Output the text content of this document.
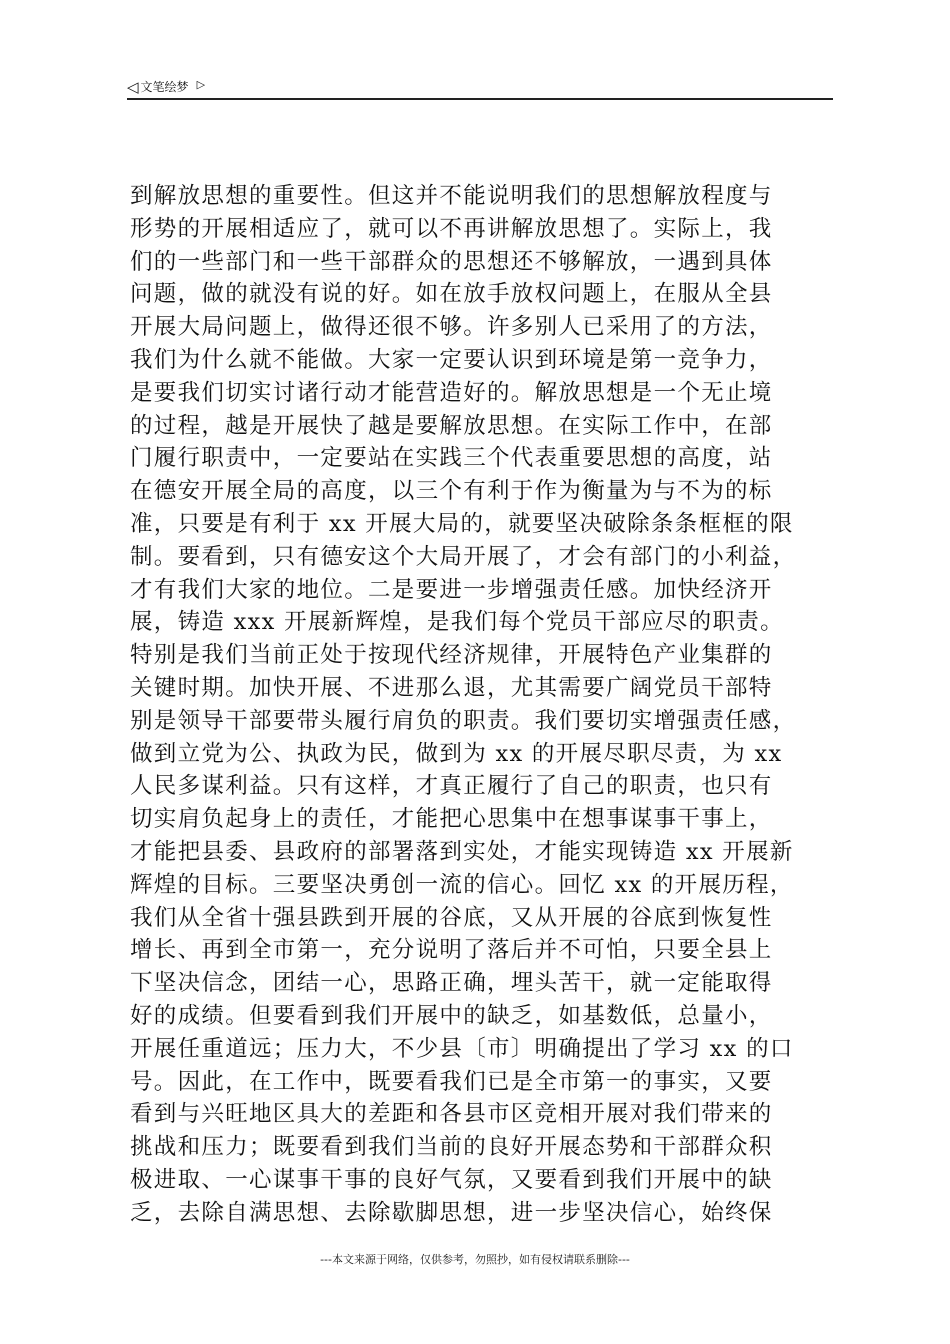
◁ 文笔绘梦 ▷
到解放思想的重要性。但这并不能说明我们的思想解放程度与
形势的开展相适应了，就可以不再讲解放思想了。实际上，我
们的一些部门和一些干部群众的思想还不够解放，一遇到具体
问题，做的就没有说的好。如在放手放权问题上，在服从全县
开展大局问题上，做得还很不够。许多别人已采用了的方法，
我们为什么就不能做。大家一定要认识到环境是第一竞争力，
是要我们切实讨诸行动才能营造好的。解放思想是一个无止境
的过程，越是开展快了越是要解放思想。在实际工作中，在部
门履行职责中，一定要站在实践三个代表重要思想的高度，站
在德安开展全局的高度，以三个有利于作为衡量为与不为的标
准，只要是有利于 xx 开展大局的，就要坚决破除条条框框的限
制。要看到，只有德安这个大局开展了，才会有部门的小利益，
才有我们大家的地位。二是要进一步增强责任感。加快经济开
展，铸造 xxx 开展新辉煌，是我们每个党员干部应尽的职责。
特别是我们当前正处于按现代经济规律，开展特色产业集群的
关键时期。加快开展、不进那么退，尤其需要广阔党员干部特
别是领导干部要带头履行肩负的职责。我们要切实增强责任感，
做到立党为公、执政为民，做到为 xx 的开展尽职尽责，为 xx
人民多谋利益。只有这样，才真正履行了自己的职责，也只有
切实肩负起身上的责任，才能把心思集中在想事谋事干事上，
才能把县委、县政府的部署落到实处，才能实现铸造 xx 开展新
辉煌的目标。三要坚决勇创一流的信心。回忆 xx 的开展历程，
我们从全省十强县跌到开展的谷底，又从开展的谷底到恢复性
增长、再到全市第一，充分说明了落后并不可怕，只要全县上
下坚决信念，团结一心，思路正确，埋头苦干，就一定能取得
好的成绩。但要看到我们开展中的缺乏，如基数低，总量小，
开展任重道远；压力大，不少县〔市〕明确提出了学习 xx 的口
号。因此，在工作中，既要看我们已是全市第一的事实，又要
看到与兴旺地区具大的差距和各县市区竞相开展对我们带来的
挑战和压力；既要看到我们当前的良好开展态势和干部群众积
极进取、一心谋事干事的良好气氛，又要看到我们开展中的缺
乏，去除自满思想、去除歇脚思想，进一步坚决信心，始终保
---本文来源于网络，仅供参考，勿照抄，如有侵权请联系删除---
